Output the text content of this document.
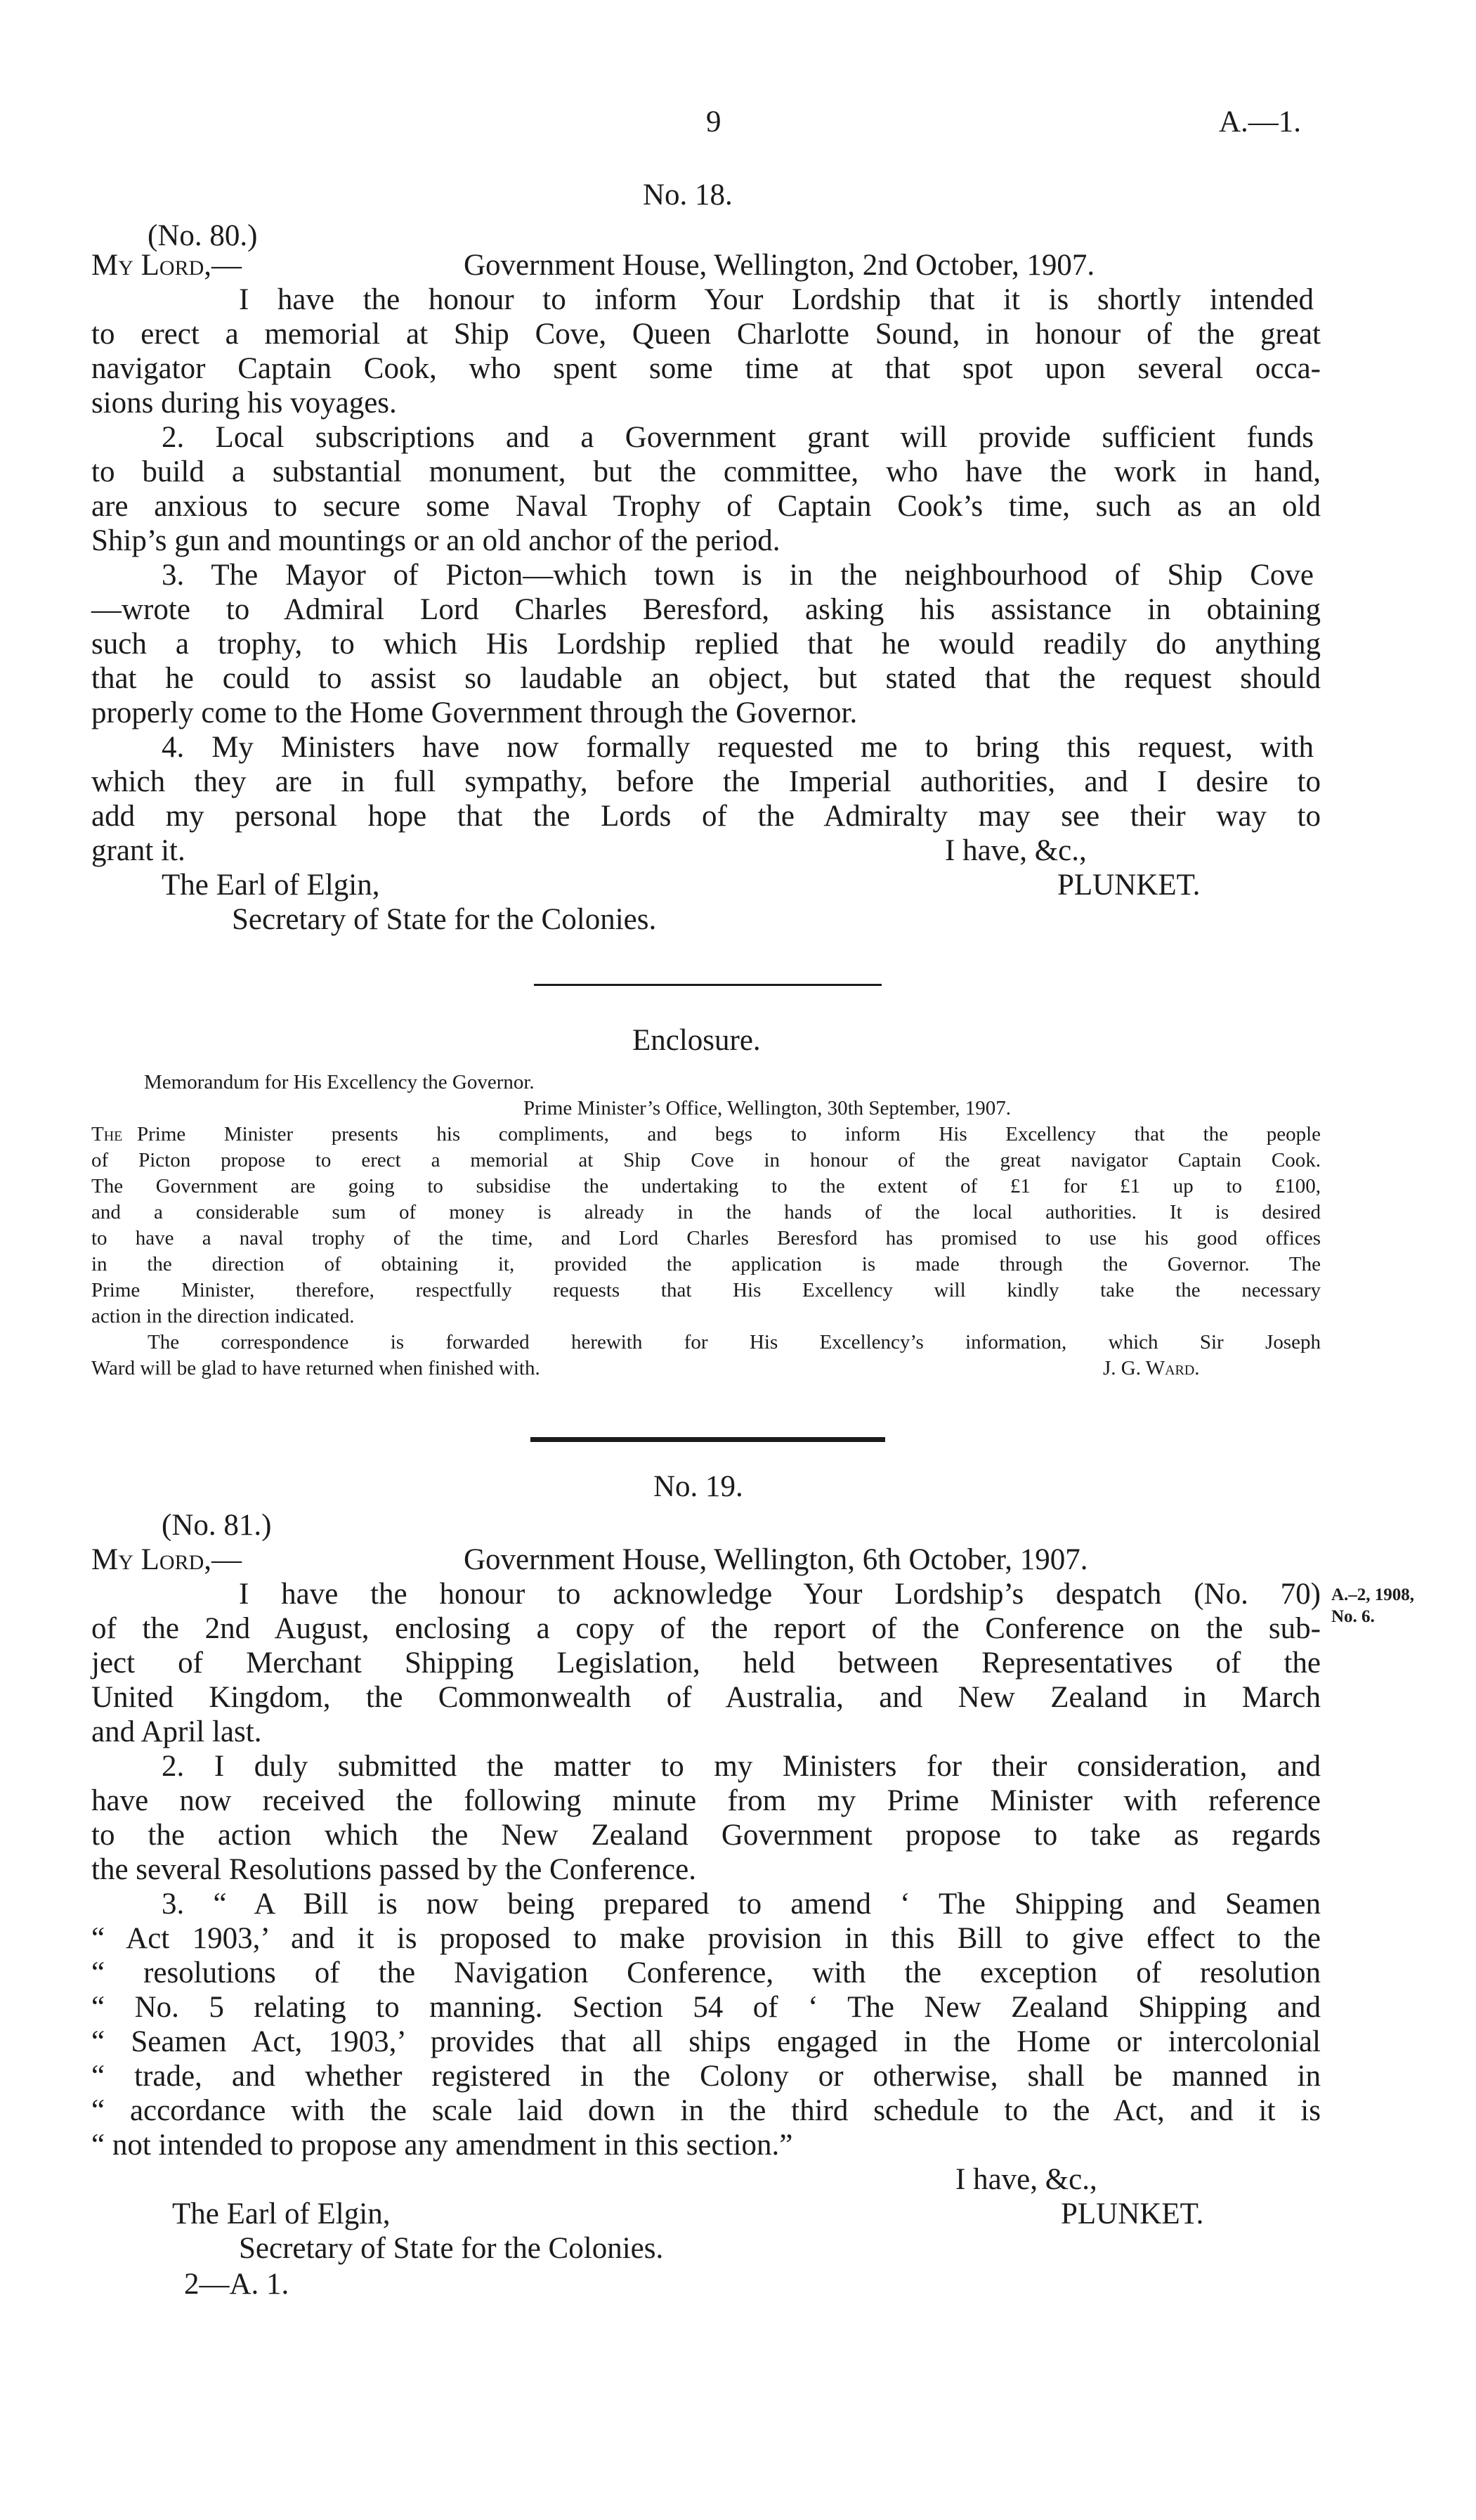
9	A.—1.
No. 18.
(No. 80.)
My Lord,—	Government House, Wellington, 2nd October, 1907.
I have the honour to inform Your Lordship that it is shortly intended
to erect a memorial at Ship Cove, Queen Charlotte Sound, in honour of the great
navigator Captain Cook, who spent some time at that spot upon several occa-
sions during his voyages.
2. Local subscriptions and a Government grant will provide sufficient funds
to build a substantial monument, but the committee, who have the work in hand,
are anxious to secure some Naval Trophy of Captain Cook’s time, such as an old
Ship’s gun and mountings or an old anchor of the period.
3. The Mayor of Picton—which town is in the neighbourhood of Ship Cove
—wrote to Admiral Lord Charles Beresford, asking his assistance in obtaining
such a trophy, to which His Lordship replied that he would readily do anything
that he could to assist so laudable an object, but stated that the request should
properly come to the Home Government through the Governor.
4. My Ministers have now formally requested me to bring this request, with
which they are in full sympathy, before the Imperial authorities, and I desire to
add my personal hope that the Lords of the Admiralty may see their way to
grant it.	I have, &c.,
The Earl of Elgin,	PLUNKET.
Secretary of State for the Colonies.
Enclosure.
Memorandum for His Excellency the Governor.
Prime Minister’s Office, Wellington, 30th September, 1907.
The Prime Minister presents his compliments, and begs to inform His Excellency that the people
of Picton propose to erect a memorial at Ship Cove in honour of the great navigator Captain Cook.
The Government are going to subsidise the undertaking to the extent of £1 for £1 up to £100,
and a considerable sum of money is already in the hands of the local authorities. It is desired
to have a naval trophy of the time, and Lord Charles Beresford has promised to use his good offices
in the direction of obtaining it, provided the application is made through the Governor. The
Prime Minister, therefore, respectfully requests that His Excellency will kindly take the necessary
action in the direction indicated.
The correspondence is forwarded herewith for His Excellency’s information, which Sir Joseph
Ward will be glad to have returned when finished with.	J. G. Ward.
No. 19.
(No. 81.)
My Lord,—	Government House, Wellington, 6th October, 1907.
I have the honour to acknowledge Your Lordship’s despatch (No. 70)
of the 2nd August, enclosing a copy of the report of the Conference on the sub-
ject of Merchant Shipping Legislation, held between Representatives of the
United Kingdom, the Commonwealth of Australia, and New Zealand in March
and April last.
2. I duly submitted the matter to my Ministers for their consideration, and
have now received the following minute from my Prime Minister with reference
to the action which the New Zealand Government propose to take as regards
the several Resolutions passed by the Conference.
3. “ A Bill is now being prepared to amend ‘ The Shipping and Seamen
“ Act 1903,’ and it is proposed to make provision in this Bill to give effect to the
“ resolutions of the Navigation Conference, with the exception of resolution
“ No. 5 relating to manning. Section 54 of ‘ The New Zealand Shipping and
“ Seamen Act, 1903,’ provides that all ships engaged in the Home or intercolonial
“ trade, and whether registered in the Colony or otherwise, shall be manned in
“ accordance with the scale laid down in the third schedule to the Act, and it is
“ not intended to propose any amendment in this section.”
A.–2, 1908,
No. 6.
I have, &c.,
The Earl of Elgin,	PLUNKET.
Secretary of State for the Colonies.
2—A. 1.
